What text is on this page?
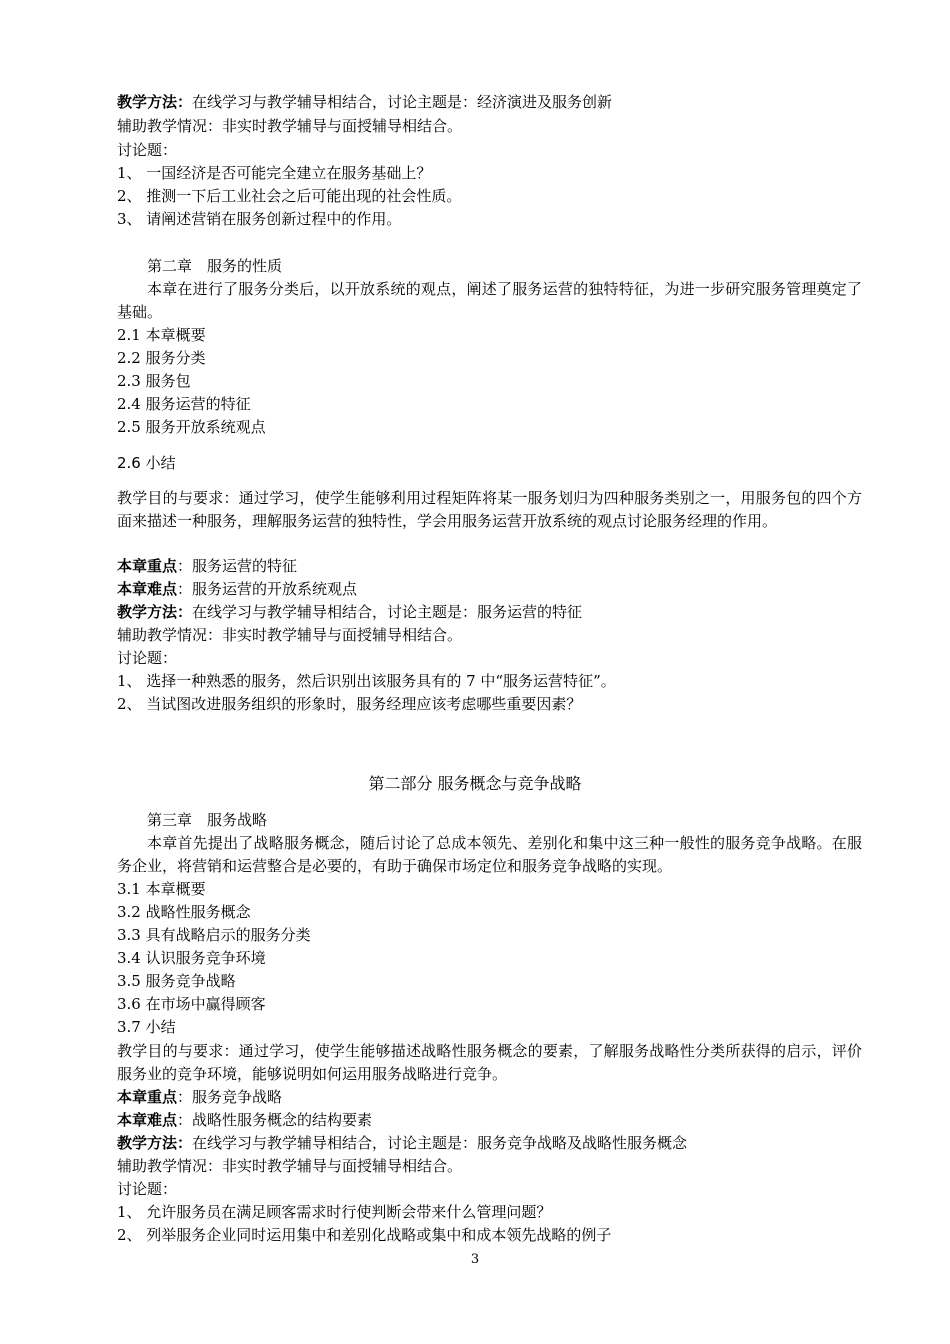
教学方法：在线学习与教学辅导相结合，讨论主题是：经济演进及服务创新
辅助教学情况：非实时教学辅导与面授辅导相结合。
讨论题：
1、 一国经济是否可能完全建立在服务基础上？
2、 推测一下后工业社会之后可能出现的社会性质。
3、 请阐述营销在服务创新过程中的作用。
第二章　服务的性质
本章在进行了服务分类后，以开放系统的观点，阐述了服务运营的独特特征，为进一步研究服务管理奠定了基础。
2.1 本章概要
2.2 服务分类
2.3 服务包
2.4 服务运营的特征
2.5 服务开放系统观点
2.6 小结
教学目的与要求：通过学习，使学生能够利用过程矩阵将某一服务划归为四种服务类别之一，用服务包的四个方面来描述一种服务，理解服务运营的独特性，学会用服务运营开放系统的观点讨论服务经理的作用。
本章重点：服务运营的特征
本章难点：服务运营的开放系统观点
教学方法：在线学习与教学辅导相结合，讨论主题是：服务运营的特征
辅助教学情况：非实时教学辅导与面授辅导相结合。
讨论题：
1、 选择一种熟悉的服务，然后识别出该服务具有的 7 中“服务运营特征”。
2、 当试图改进服务组织的形象时，服务经理应该考虑哪些重要因素？
第二部分 服务概念与竞争战略
第三章　服务战略
本章首先提出了战略服务概念，随后讨论了总成本领先、差别化和集中这三种一般性的服务竞争战略。在服务企业，将营销和运营整合是必要的，有助于确保市场定位和服务竞争战略的实现。
3.1 本章概要
3.2 战略性服务概念
3.3 具有战略启示的服务分类
3.4 认识服务竞争环境
3.5 服务竞争战略
3.6 在市场中赢得顾客
3.7 小结
教学目的与要求：通过学习，使学生能够描述战略性服务概念的要素，了解服务战略性分类所获得的启示，评价服务业的竞争环境，能够说明如何运用服务战略进行竞争。
本章重点：服务竞争战略
本章难点：战略性服务概念的结构要素
教学方法：在线学习与教学辅导相结合，讨论主题是：服务竞争战略及战略性服务概念
辅助教学情况：非实时教学辅导与面授辅导相结合。
讨论题：
1、 允许服务员在满足顾客需求时行使判断会带来什么管理问题？
2、 列举服务企业同时运用集中和差别化战略或集中和成本领先战略的例子
3
